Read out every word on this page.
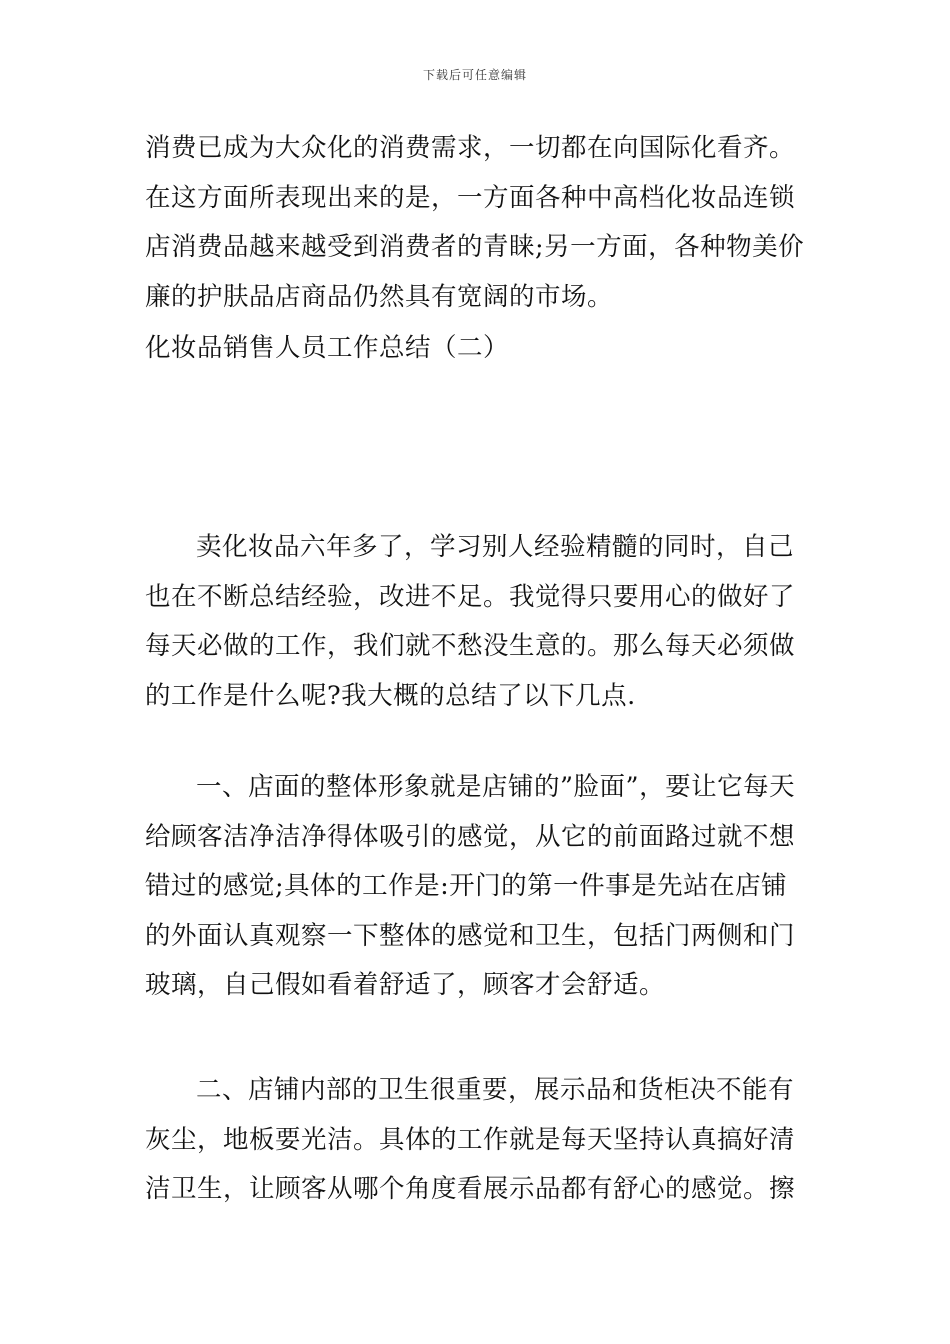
下载后可任意编辑

消费已成为大众化的消费需求，一切都在向国际化看齐。在这方面所表现出来的是，一方面各种中高档化妆品连锁店消费品越来越受到消费者的青睐;另一方面，各种物美价廉的护肤品店商品仍然具有宽阔的市场。

化妆品销售人员工作总结（二）

卖化妆品六年多了，学习别人经验精髓的同时，自己也在不断总结经验，改进不足。我觉得只要用心的做好了每天必做的工作，我们就不愁没生意的。那么每天必须做的工作是什么呢?我大概的总结了以下几点.

一、店面的整体形象就是店铺的”脸面”，要让它每天给顾客洁净洁净得体吸引的感觉，从它的前面路过就不想错过的感觉;具体的工作是:开门的第一件事是先站在店铺的外面认真观察一下整体的感觉和卫生，包括门两侧和门玻璃，自己假如看着舒适了，顾客才会舒适。

二、店铺内部的卫生很重要，展示品和货柜决不能有灰尘，地板要光洁。具体的工作就是每天坚持认真搞好清洁卫生，让顾客从哪个角度看展示品都有舒心的感觉。擦
